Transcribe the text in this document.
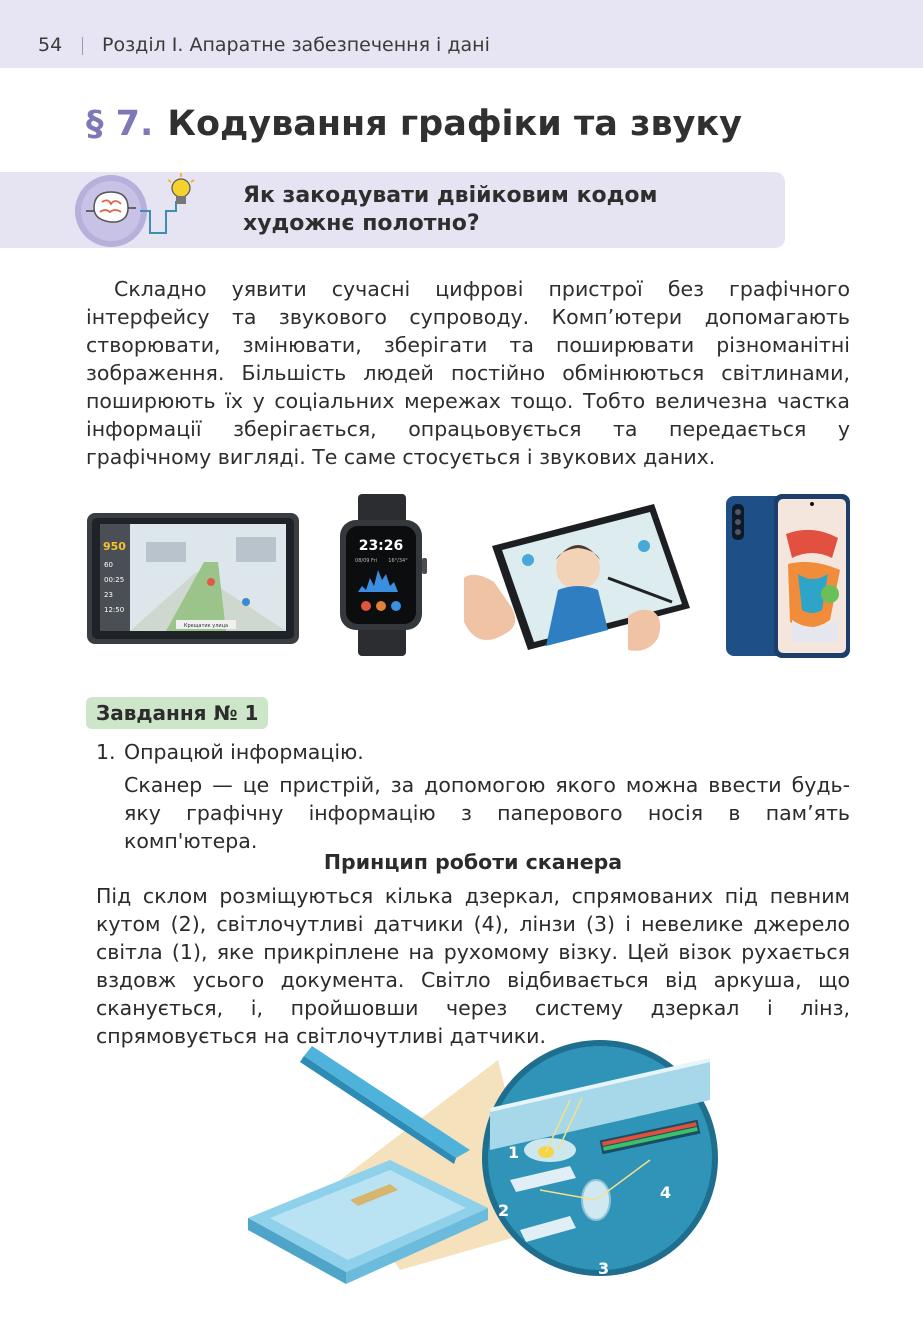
54 Розділ І. Апаратне забезпечення і дані
§ 7. Кодування графіки та звуку
Як закодувати двійковим кодом художнє полотно?
Складно уявити сучасні цифрові пристрої без графічного інтерфейсу та звукового супроводу. Комп’ютери допомагають створювати, змінювати, зберігати та поширювати різноманітні зображення. Більшість людей постійно обмінюються світлинами, поширюють їх у соціальних мережах тощо. Тобто величезна частка інформації зберігається, опрацьовується та передається у графічному вигляді. Те саме стосується і звукових даних.
Крещатик улица
950
60
00:25
23
12:50
23:26
08/09 Fri 16°/34°
Завдання № 1
1. Опрацюй інформацію.
Сканер — це пристрій, за допомогою якого можна ввести будь-яку графічну інформацію з паперового носія в пам’ять комп'ютера.
Принцип роботи сканера
Під склом розміщуються кілька дзеркал, спрямованих під певним кутом (2), світлочутливі датчики (4), лінзи (3) і невелике джерело світла (1), яке прикріплене на рухомому візку. Цей візок рухається вздовж усього документа. Світло відбивається від аркуша, що сканується, і, пройшовши через систему дзеркал і лінз, спрямовується на світлочутливі датчики.
1
2
3
4
